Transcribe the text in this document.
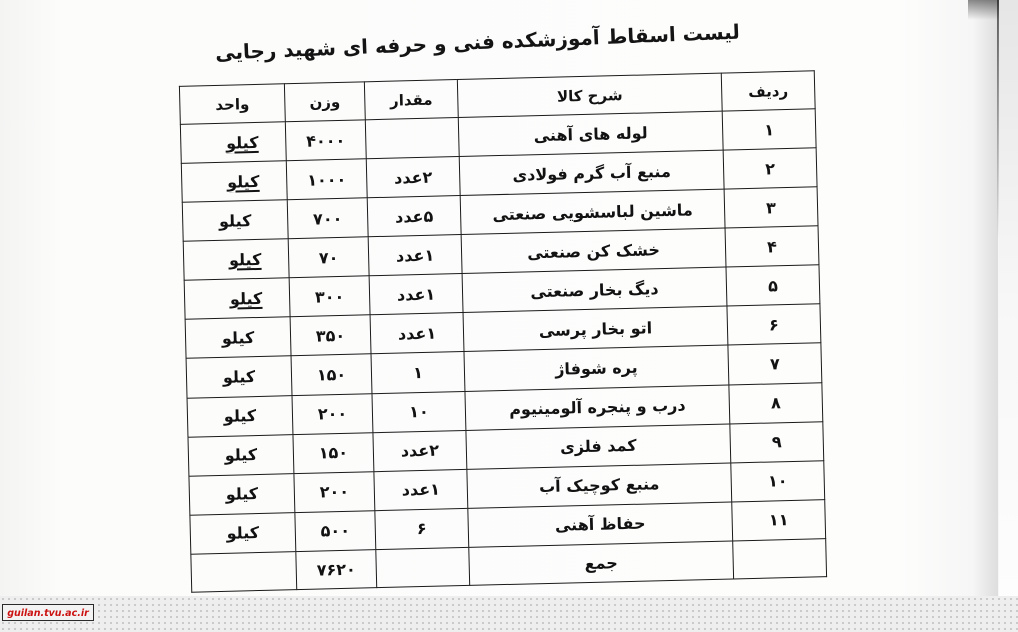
لیست اسقاط آموزشکده فنی و حرفه ای شهید رجایی
ردیف	شرح کالا	مقدار	وزن	واحد
۱	لوله های آهنی		۴۰۰۰	کیلو
۲	منبع آب گرم فولادی	۲عدد	۱۰۰۰	کیلو
۳	ماشین لباسشویی صنعتی	۵عدد	۷۰۰	کیلو
۴	خشک کن صنعتی	۱عدد	۷۰	کیلو
۵	دیگ بخار صنعتی	۱عدد	۳۰۰	کیلو
۶	اتو بخار پرسی	۱عدد	۳۵۰	کیلو
۷	پره شوفاژ	۱	۱۵۰	کیلو
۸	درب و پنجره آلومینیوم	۱۰	۲۰۰	کیلو
۹	کمد فلزی	۲عدد	۱۵۰	کیلو
۱۰	منبع کوچیک آب	۱عدد	۲۰۰	کیلو
۱۱	حفاظ آهنی	۶	۵۰۰	کیلو
	جمع		۷۶۲۰	
guilan.tvu.ac.ir
